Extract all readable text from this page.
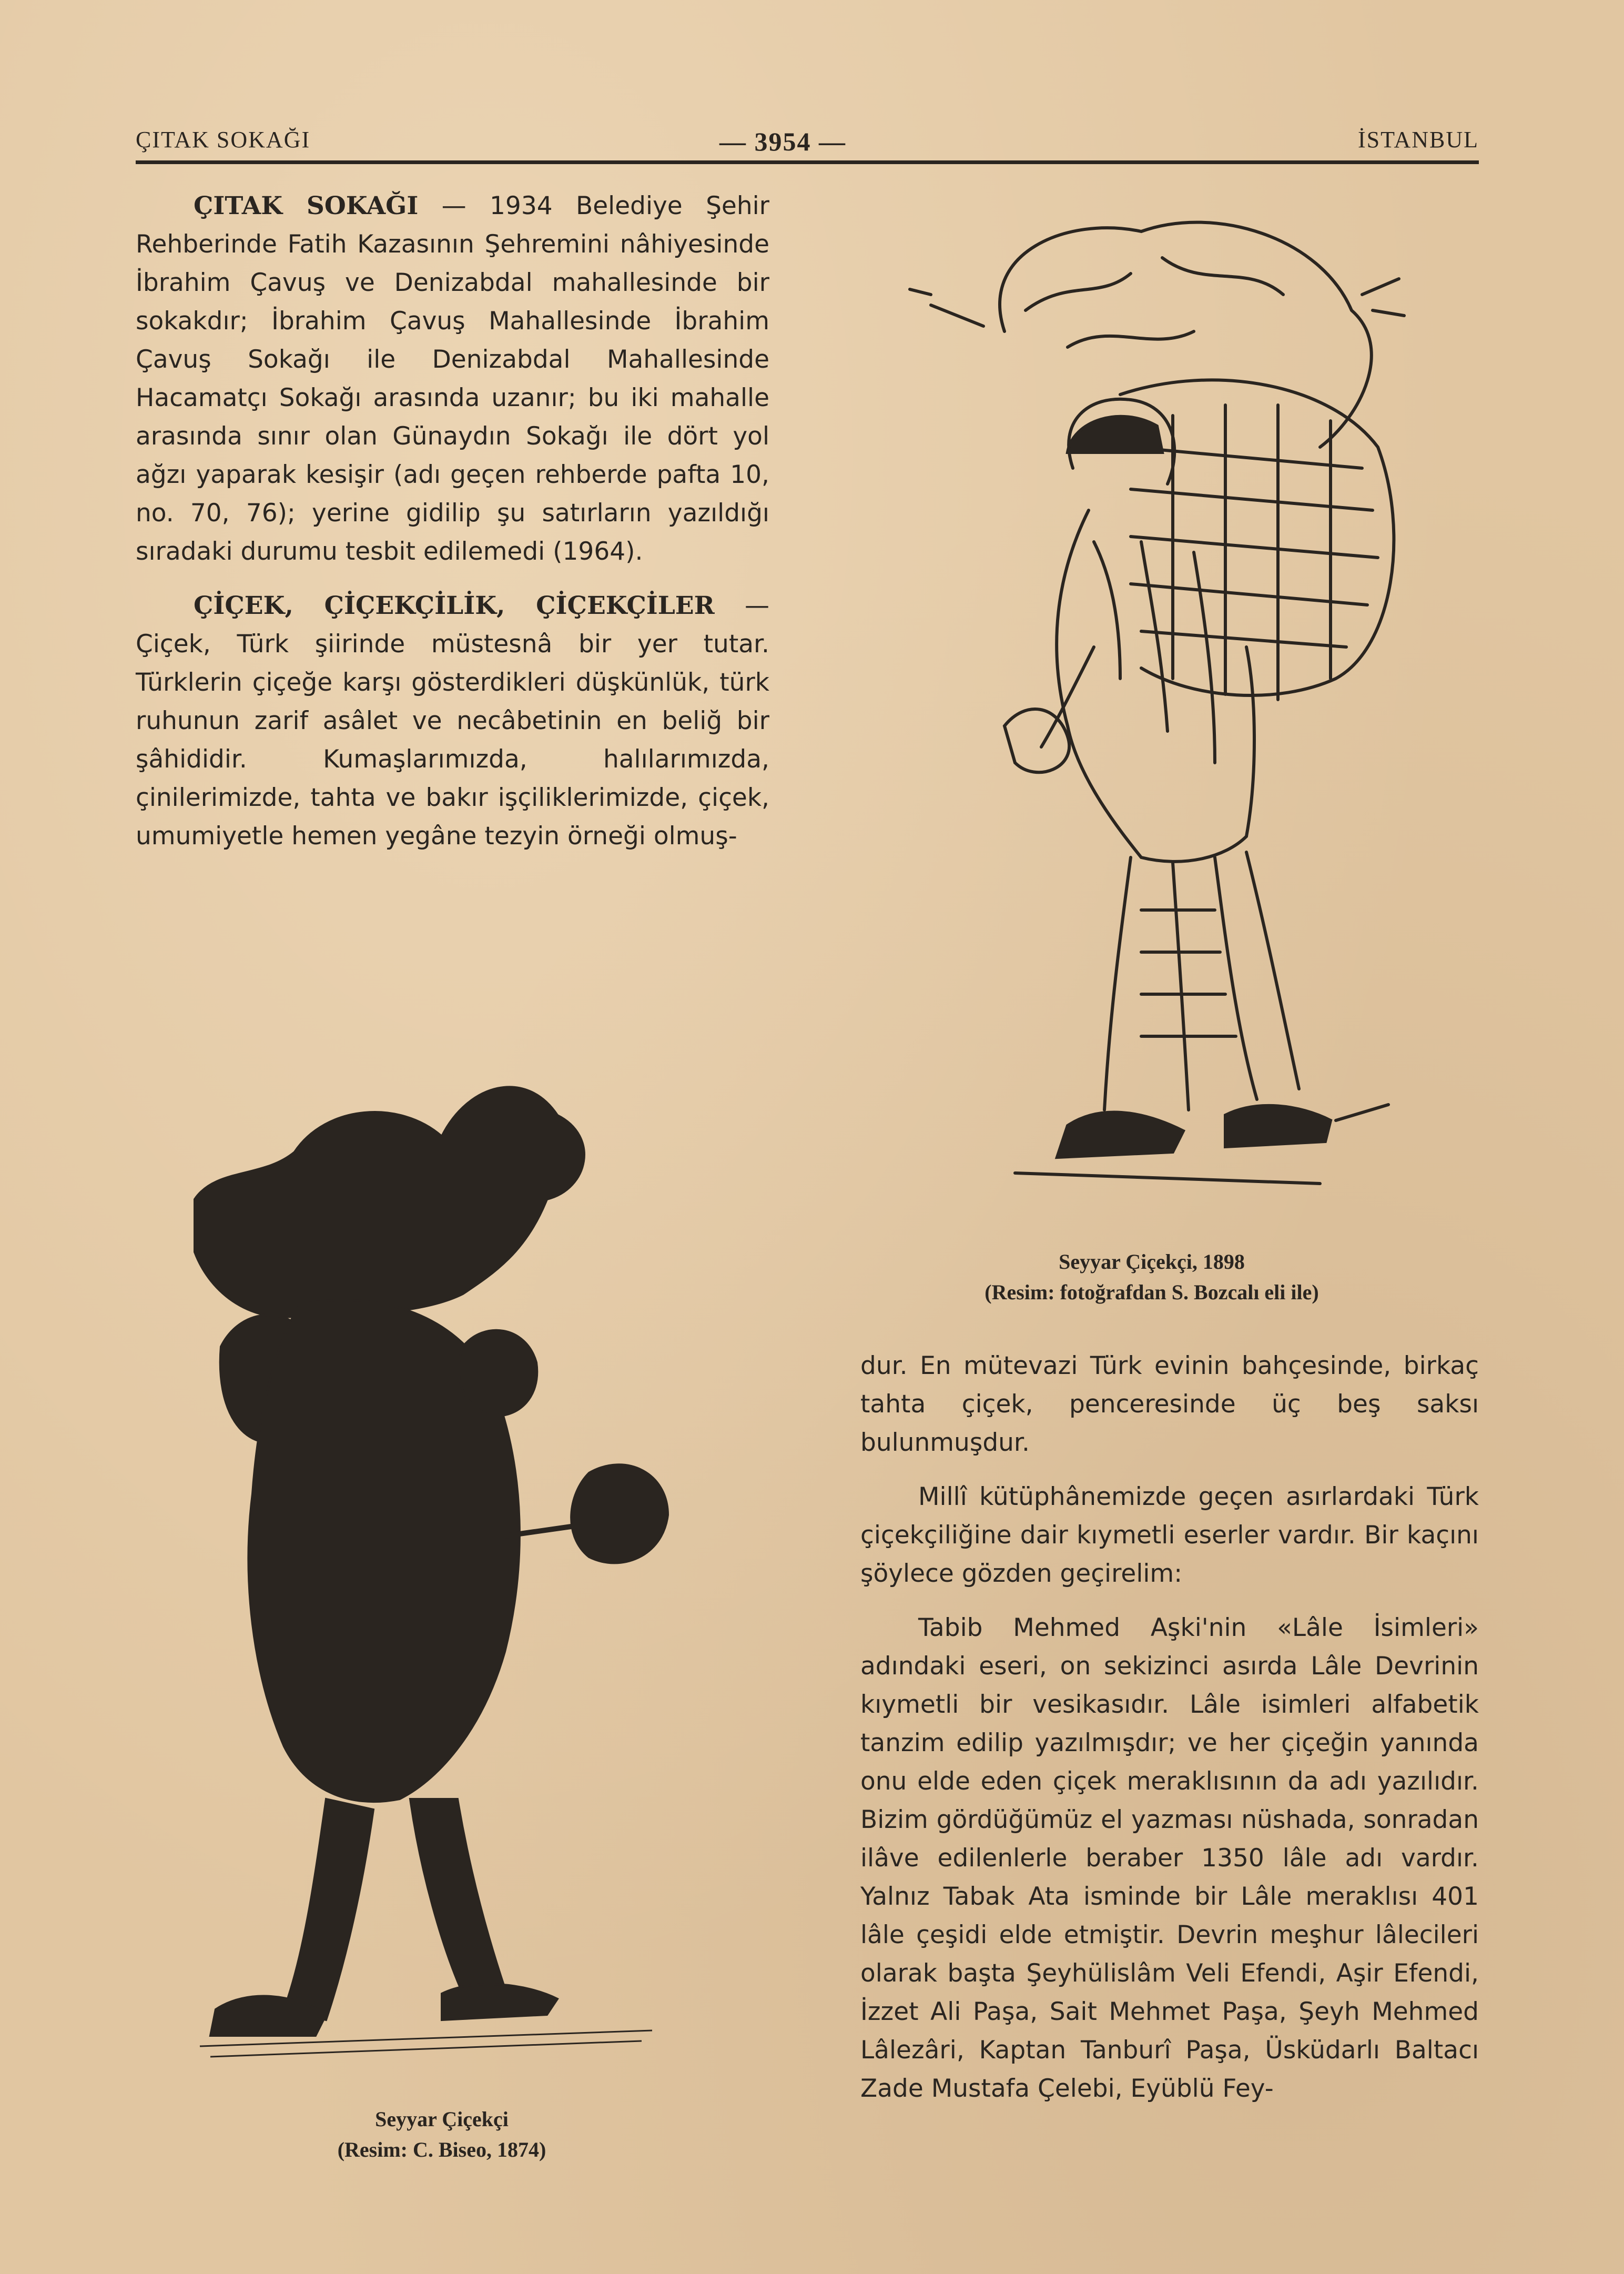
ÇITAK SOKAĞI	— 3954 —	İSTANBUL

ÇITAK SOKAĞI — 1934 Belediye Şehir Rehberinde Fatih Kazasının Şehremini nâhiyesinde İbrahim Çavuş ve Denizabdal mahallesinde bir sokakdır; İbrahim Çavuş Mahallesinde İbrahim Çavuş Sokağı ile Denizabdal Mahallesinde Hacamatçı Sokağı arasında uzanır; bu iki mahalle arasında sınır olan Günaydın Sokağı ile dört yol ağzı yaparak kesişir (adı geçen rehberde pafta 10, no. 70, 76); yerine gidilip şu satırların yazıldığı sıradaki durumu tesbit edilemedi (1964).

ÇİÇEK, ÇİÇEKÇİLİK, ÇİÇEKÇİLER — Çiçek, Türk şiirinde müstesnâ bir yer tutar. Türklerin çiçeğe karşı gösterdikleri düşkünlük, türk ruhunun zarif asâlet ve necâbetinin en beliğ bir şâhididir. Kumaşlarımızda, halılarımızda, çinilerimizde, tahta ve bakır işçiliklerimizde, çiçek, umumiyetle hemen yegâne tezyin örneği olmuş-

Seyyar Çiçekçi, 1898
(Resim: fotoğrafdan S. Bozcalı eli ile)
Seyyar Çiçekçi
(Resim: C. Biseo, 1874)

dur. En mütevazi Türk evinin bahçesinde, birkaç tahta çiçek, penceresinde üç beş saksı bulunmuşdur.

Millî kütüphânemizde geçen asırlardaki Türk çiçekçiliğine dair kıymetli eserler vardır. Bir kaçını şöylece gözden geçirelim:

Tabib Mehmed Aşki'nin «Lâle İsimleri» adındaki eseri, on sekizinci asırda Lâle Devrinin kıymetli bir vesikasıdır. Lâle isimleri alfabetik tanzim edilip yazılmışdır; ve her çiçeğin yanında onu elde eden çiçek meraklısının da adı yazılıdır. Bizim gördüğümüz el yazması nüshada, sonradan ilâve edilenlerle beraber 1350 lâle adı vardır. Yalnız Tabak Ata isminde bir Lâle meraklısı 401 lâle çeşidi elde etmiştir. Devrin meşhur lâlecileri olarak başta Şeyhülislâm Veli Efendi, Aşir Efendi, İzzet Ali Paşa, Sait Mehmet Paşa, Şeyh Mehmed Lâlezâri, Kaptan Tanburî Paşa, Üsküdarlı Baltacı Zade Mustafa Çelebi, Eyüblü Fey-
